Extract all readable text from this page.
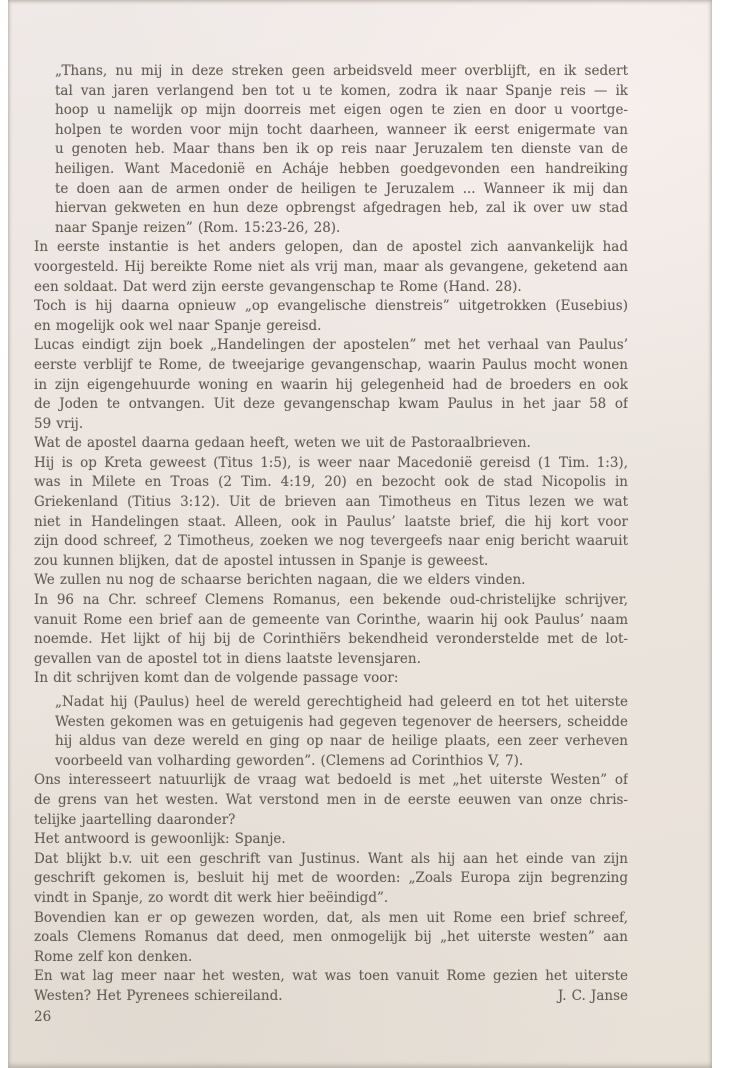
„Thans, nu mij in deze streken geen arbeidsveld meer overblijft, en ik sedert
tal van jaren verlangend ben tot u te komen, zodra ik naar Spanje reis — ik
hoop u namelijk op mijn doorreis met eigen ogen te zien en door u voortge-
holpen te worden voor mijn tocht daarheen, wanneer ik eerst enigermate van
u genoten heb. Maar thans ben ik op reis naar Jeruzalem ten dienste van de
heiligen. Want Macedonië en Acháje hebben goedgevonden een handreiking
te doen aan de armen onder de heiligen te Jeruzalem ... Wanneer ik mij dan
hiervan gekweten en hun deze opbrengst afgedragen heb, zal ik over uw stad
naar Spanje reizen” (Rom. 15:23-26, 28).
In eerste instantie is het anders gelopen, dan de apostel zich aanvankelijk had
voorgesteld. Hij bereikte Rome niet als vrij man, maar als gevangene, geketend aan
een soldaat. Dat werd zijn eerste gevangenschap te Rome (Hand. 28).
Toch is hij daarna opnieuw „op evangelische dienstreis” uitgetrokken (Eusebius)
en mogelijk ook wel naar Spanje gereisd.
Lucas eindigt zijn boek „Handelingen der apostelen” met het verhaal van Paulus’
eerste verblijf te Rome, de tweejarige gevangenschap, waarin Paulus mocht wonen
in zijn eigengehuurde woning en waarin hij gelegenheid had de broeders en ook
de Joden te ontvangen. Uit deze gevangenschap kwam Paulus in het jaar 58 of
59 vrij.
Wat de apostel daarna gedaan heeft, weten we uit de Pastoraalbrieven.
Hij is op Kreta geweest (Titus 1:5), is weer naar Macedonië gereisd (1 Tim. 1:3),
was in Milete en Troas (2 Tim. 4:19, 20) en bezocht ook de stad Nicopolis in
Griekenland (Titius 3:12). Uit de brieven aan Timotheus en Titus lezen we wat
niet in Handelingen staat. Alleen, ook in Paulus’ laatste brief, die hij kort voor
zijn dood schreef, 2 Timotheus, zoeken we nog tevergeefs naar enig bericht waaruit
zou kunnen blijken, dat de apostel intussen in Spanje is geweest.
We zullen nu nog de schaarse berichten nagaan, die we elders vinden.
In 96 na Chr. schreef Clemens Romanus, een bekende oud-christelijke schrijver,
vanuit Rome een brief aan de gemeente van Corinthe, waarin hij ook Paulus’ naam
noemde. Het lijkt of hij bij de Corinthiërs bekendheid veronderstelde met de lot-
gevallen van de apostel tot in diens laatste levensjaren.
In dit schrijven komt dan de volgende passage voor:
„Nadat hij (Paulus) heel de wereld gerechtigheid had geleerd en tot het uiterste
Westen gekomen was en getuigenis had gegeven tegenover de heersers, scheidde
hij aldus van deze wereld en ging op naar de heilige plaats, een zeer verheven
voorbeeld van volharding geworden”. (Clemens ad Corinthios V, 7).
Ons interesseert natuurlijk de vraag wat bedoeld is met „het uiterste Westen” of
de grens van het westen. Wat verstond men in de eerste eeuwen van onze chris-
telijke jaartelling daaronder?
Het antwoord is gewoonlijk: Spanje.
Dat blijkt b.v. uit een geschrift van Justinus. Want als hij aan het einde van zijn
geschrift gekomen is, besluit hij met de woorden: „Zoals Europa zijn begrenzing
vindt in Spanje, zo wordt dit werk hier beëindigd”.
Bovendien kan er op gewezen worden, dat, als men uit Rome een brief schreef,
zoals Clemens Romanus dat deed, men onmogelijk bij „het uiterste westen” aan
Rome zelf kon denken.
En wat lag meer naar het westen, wat was toen vanuit Rome gezien het uiterste
Westen? Het Pyrenees schiereiland.	J. C. Janse
26
